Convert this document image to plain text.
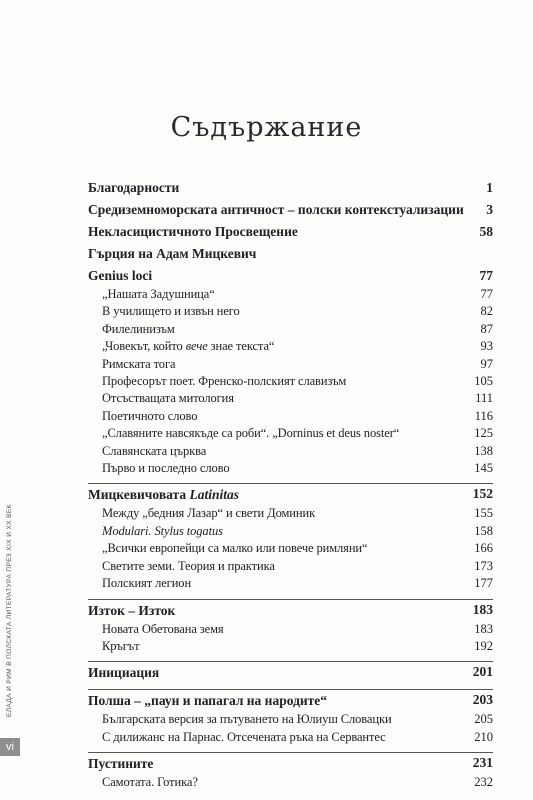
Съдържание
Благодарности	1
Средиземноморската античност – полски контекстуализации	3
Некласицистичното Просвещение	58
Гърция на Адам Мицкевич
Genius loci	77
„Нашата Задушница“	77
В училището и извън него	82
Филелинизъм	87
„Човекът, който вече знае текста“	93
Римската тога	97
Професорът поет. Френско-полският славизъм	105
Отсъстващата митология	111
Поетичното слово	116
„Славяните навсякъде са роби“. „Dorninus et deus noster“	125
Славянската църква	138
Първо и последно слово	145
Мицкевичовата Latinitas	152
Между „бедния Лазар“ и свети Доминик	155
Modulari. Stylus togatus	158
„Всички европейци са малко или повече римляни“	166
Светите земи. Теория и практика	173
Полският легион	177
Изток – Изток	183
Новата Обетована земя	183
Кръгът	192
Инициация	201
Полша – „паун и папагал на народите“	203
Българската версия за пътуването на Юлиуш Словацки	205
С дилижанс на Парнас. Отсечената ръка на Сервантес	210
Пустините	231
Самотата. Готика?	232
ЕЛАДА И РИМ В ПОЛСКАТА ЛИТЕРАТУРА ПРЕЗ XIX И XX ВЕК
vi
